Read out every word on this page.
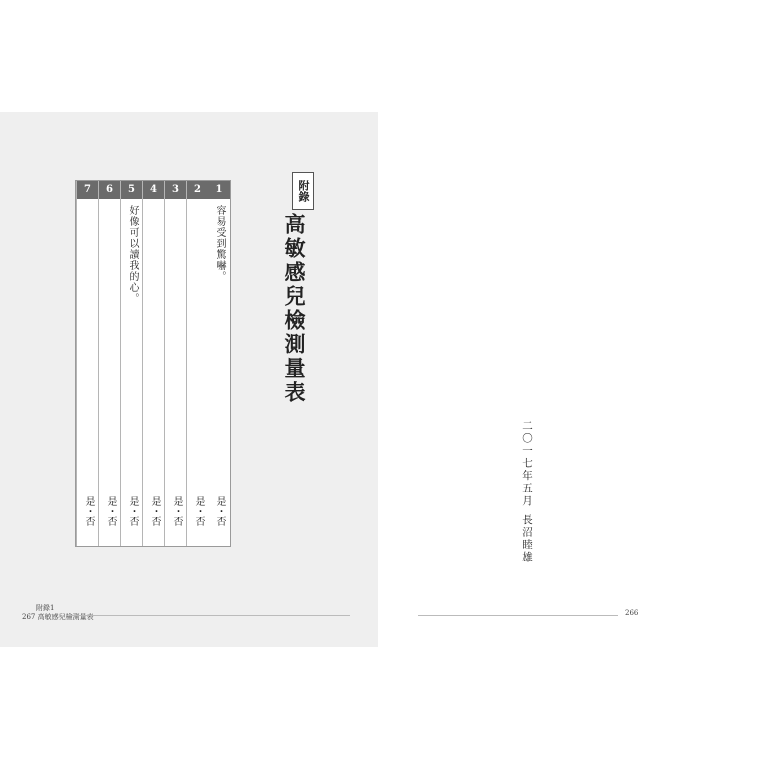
附錄
高敏感兒檢測量表
1
容易受到驚嚇。
是・否
2
是・否
3
是・否
4
是・否
5
好像可以讀我的心。
是・否
6
是・否
7
是・否
附錄1
267 高敏感兒檢測量表
二〇一七年五月
長沼睦雄
266
